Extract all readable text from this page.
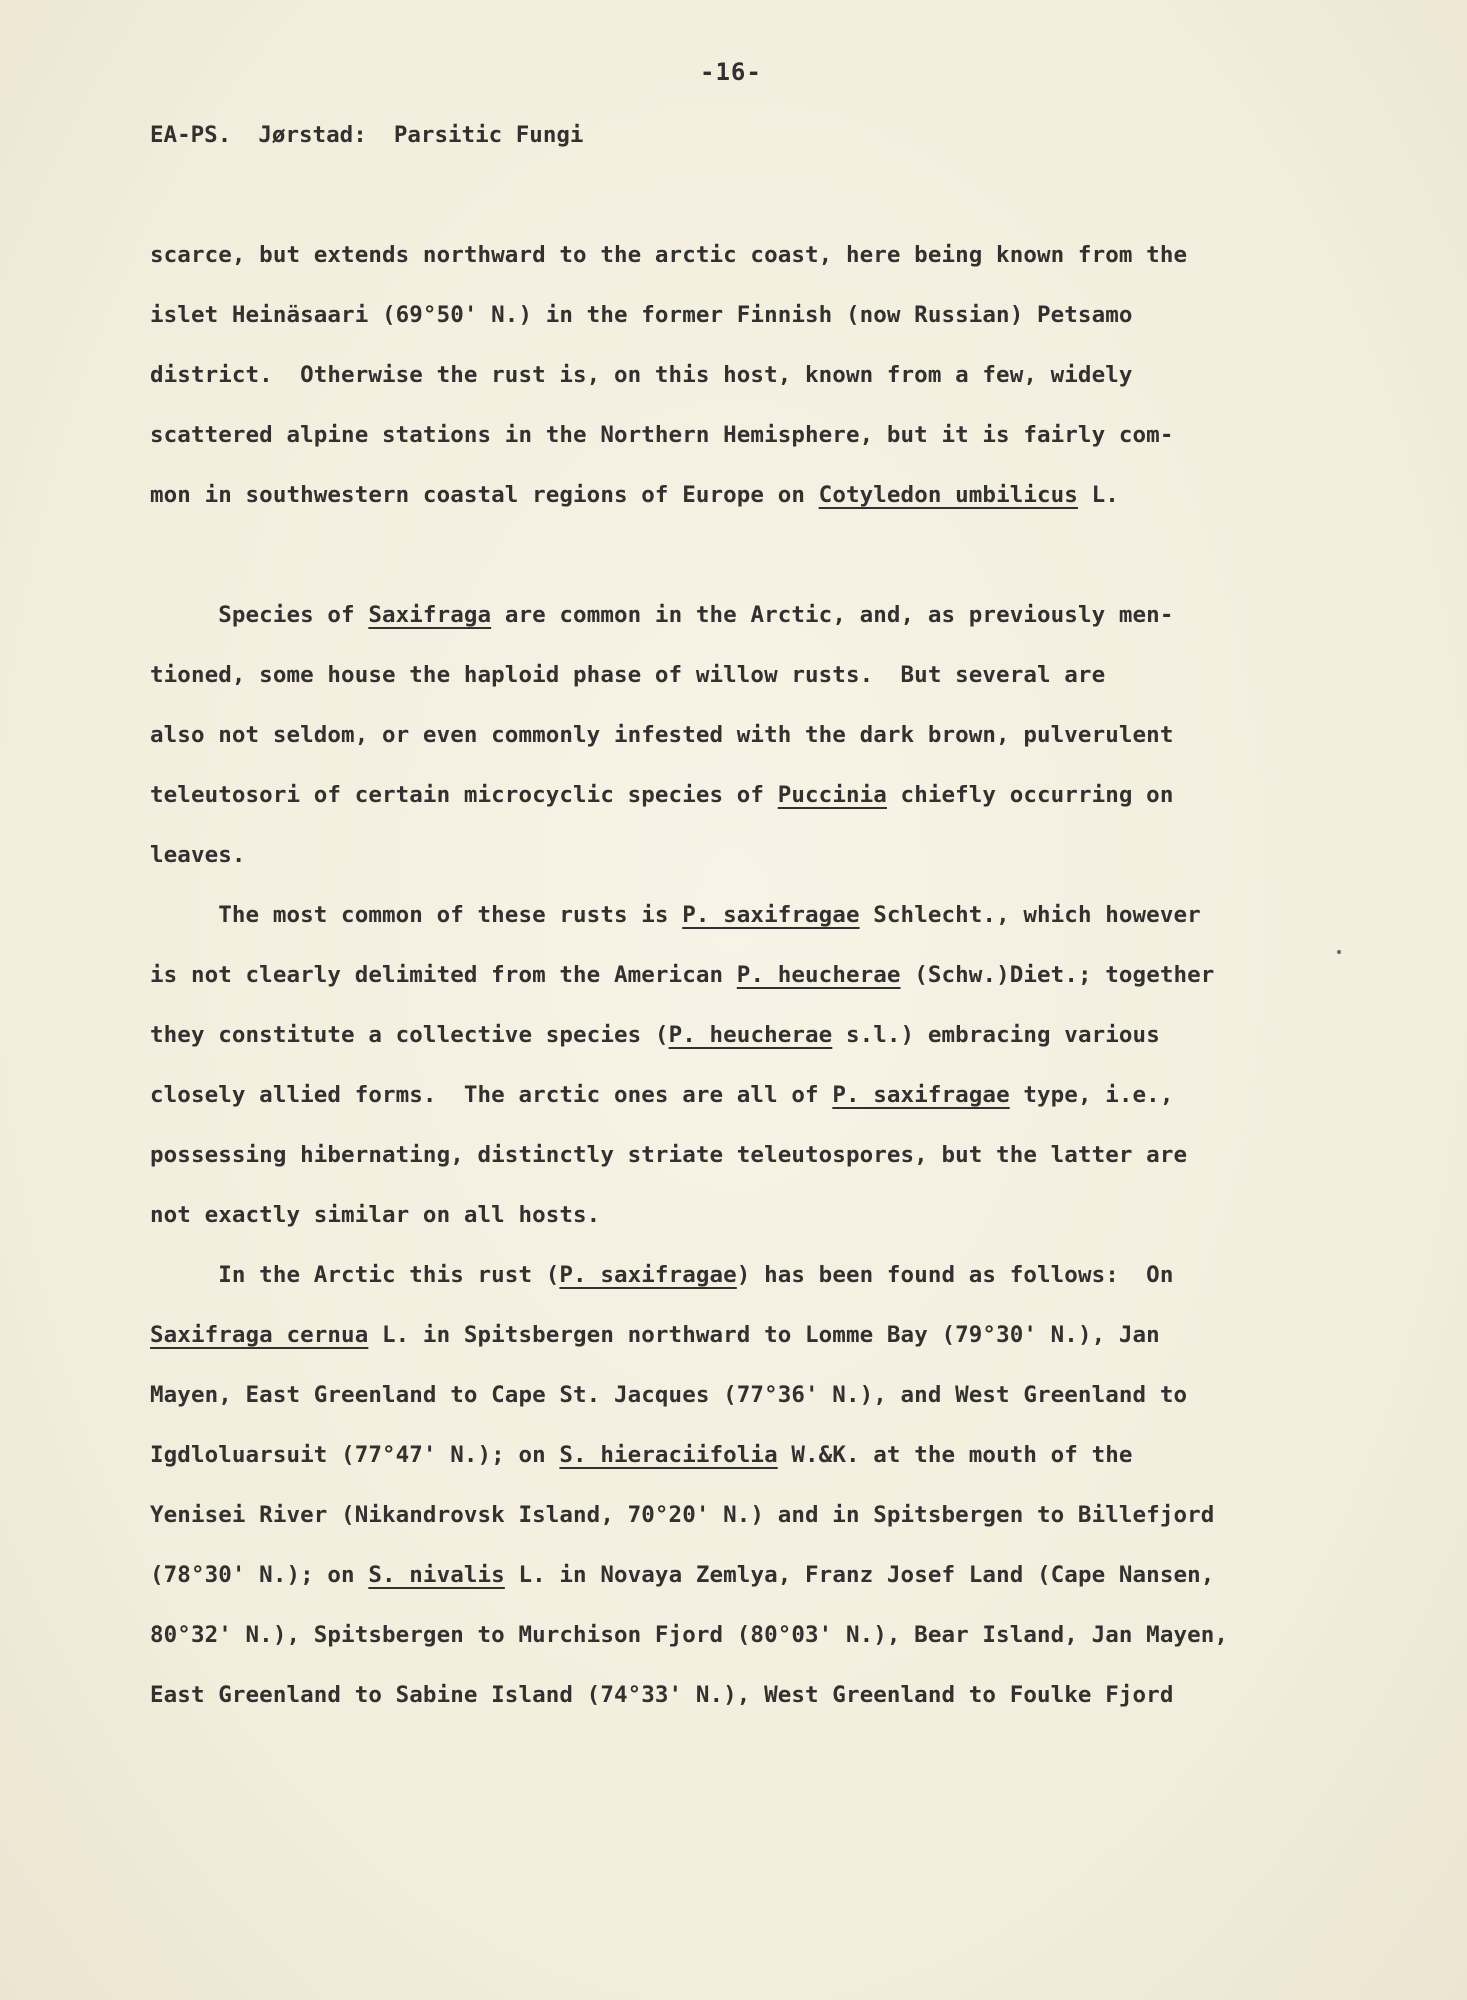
-16-
EA-PS.  Jørstad:  Parsitic Fungi
scarce, but extends northward to the arctic coast, here being known from the
islet Heinäsaari (69°50' N.) in the former Finnish (now Russian) Petsamo
district.  Otherwise the rust is, on this host, known from a few, widely
scattered alpine stations in the Northern Hemisphere, but it is fairly com-
mon in southwestern coastal regions of Europe on Cotyledon umbilicus L.
Species of Saxifraga are common in the Arctic, and, as previously men-
tioned, some house the haploid phase of willow rusts.  But several are
also not seldom, or even commonly infested with the dark brown, pulverulent
teleutosori of certain microcyclic species of Puccinia chiefly occurring on
leaves.
The most common of these rusts is P. saxifragae Schlecht., which however
is not clearly delimited from the American P. heucherae (Schw.)Diet.; together
they constitute a collective species (P. heucherae s.l.) embracing various
closely allied forms.  The arctic ones are all of P. saxifragae type, i.e.,
possessing hibernating, distinctly striate teleutospores, but the latter are
not exactly similar on all hosts.
In the Arctic this rust (P. saxifragae) has been found as follows:  On
Saxifraga cernua L. in Spitsbergen northward to Lomme Bay (79°30' N.), Jan
Mayen, East Greenland to Cape St. Jacques (77°36' N.), and West Greenland to
Igdloluarsuit (77°47' N.); on S. hieraciifolia W.&K. at the mouth of the
Yenisei River (Nikandrovsk Island, 70°20' N.) and in Spitsbergen to Billefjord
(78°30' N.); on S. nivalis L. in Novaya Zemlya, Franz Josef Land (Cape Nansen,
80°32' N.), Spitsbergen to Murchison Fjord (80°03' N.), Bear Island, Jan Mayen,
East Greenland to Sabine Island (74°33' N.), West Greenland to Foulke Fjord
